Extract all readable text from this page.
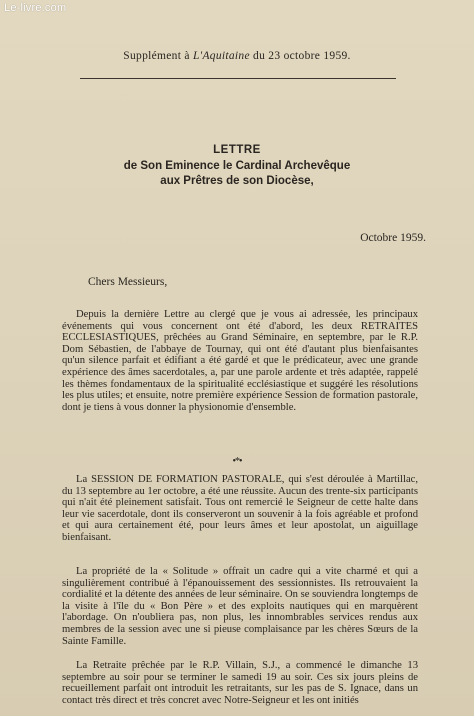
Le-livre.com
Supplément à L'Aquitaine du 23 octobre 1959.
LETTRE
de Son Eminence le Cardinal Archevêque
aux Prêtres de son Diocèse,
Octobre 1959.
Chers Messieurs,

Depuis la dernière Lettre au clergé que je vous ai adressée, les principaux événements qui vous concernent ont été d'abord, les deux RETRAITES ECCLESIASTIQUES, prêchées au Grand Séminaire, en septembre, par le R.P. Dom Sébastien, de l'abbaye de Tournay, qui ont été d'autant plus bienfaisantes qu'un silence parfait et édifiant a été gardé et que le prédicateur, avec une grande expérience des âmes sacerdotales, a, par une parole ardente et très adaptée, rappelé les thèmes fondamentaux de la spiritualité ecclésiastique et suggéré les résolutions les plus utiles; et ensuite, notre première expérience Session de formation pastorale, dont je tiens à vous donner la physionomie d'ensemble.

•*•

La SESSION DE FORMATION PASTORALE, qui s'est déroulée à Martillac, du 13 septembre au 1er octobre, a été une réussite. Aucun des trente-six participants qui n'ait été pleinement satisfait. Tous ont remercié le Seigneur de cette halte dans leur vie sacerdotale, dont ils conserveront un souvenir à la fois agréable et profond et qui aura certainement été, pour leurs âmes et leur apostolat, un aiguillage bienfaisant.

La propriété de la « Solitude » offrait un cadre qui a vite charmé et qui a singulièrement contribué à l'épanouissement des sessionnistes. Ils retrouvaient la cordialité et la détente des années de leur séminaire. On se souviendra longtemps de la visite à l'île du « Bon Père » et des exploits nautiques qui en marquèrent l'abordage. On n'oubliera pas, non plus, les innombrables services rendus aux membres de la session avec une si pieuse complaisance par les chères Sœurs de la Sainte Famille.

La Retraite prêchée par le R.P. Villain, S.J., a commencé le dimanche 13 septembre au soir pour se terminer le samedi 19 au soir. Ces six jours pleins de recueillement parfait ont introduit les retraitants, sur les pas de S. Ignace, dans un contact très direct et très concret avec Notre-Seigneur et les ont initiés
